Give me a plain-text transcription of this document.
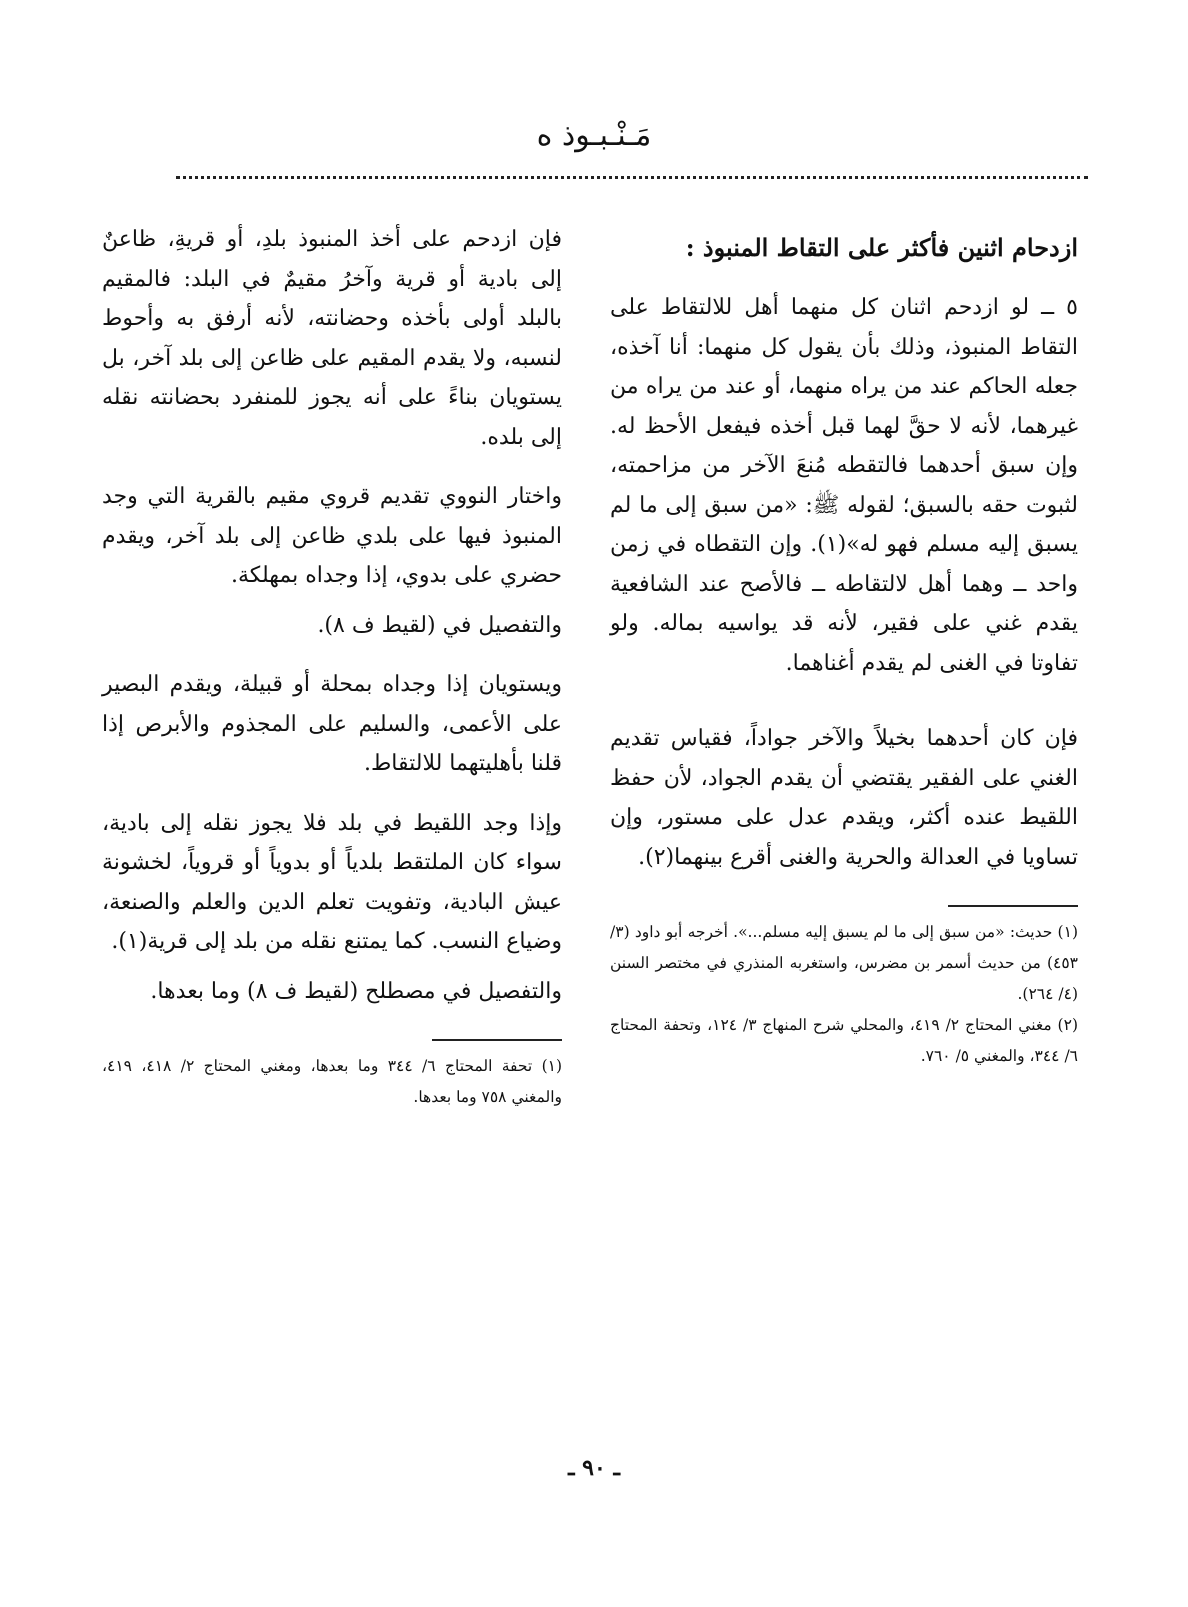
مَـنْـبـوذ ه

ازدحام اثنين فأكثر على التقاط المنبوذ :

٥ ــ لو ازدحم اثنان كل منهما أهل للالتقاط على التقاط المنبوذ، وذلك بأن يقول كل منهما: أنا آخذه، جعله الحاكم عند من يراه منهما، أو عند من يراه من غيرهما، لأنه لا حقَّ لهما قبل أخذه فيفعل الأحظ له. وإن سبق أحدهما فالتقطه مُنعَ الآخر من مزاحمته، لثبوت حقه بالسبق؛ لقوله ﷺ: «من سبق إلى ما لم يسبق إليه مسلم فهو له»(١). وإن التقطاه في زمن واحد ــ وهما أهل لالتقاطه ــ فالأصح عند الشافعية يقدم غني على فقير، لأنه قد يواسيه بماله. ولو تفاوتا في الغنى لم يقدم أغناهما.

فإن كان أحدهما بخيلاً والآخر جواداً، فقياس تقديم الغني على الفقير يقتضي أن يقدم الجواد، لأن حفظ اللقيط عنده أكثر، ويقدم عدل على مستور، وإن تساويا في العدالة والحرية والغنى أقرع بينهما(٢).

(١) حديث: «من سبق إلى ما لم يسبق إليه مسلم...». أخرجه أبو داود (٣/ ٤٥٣) من حديث أسمر بن مضرس، واستغربه المنذري في مختصر السنن (٤/ ٢٦٤).

(٢) مغني المحتاج ٢/ ٤١٩، والمحلي شرح المنهاج ٣/ ١٢٤، وتحفة المحتاج ٦/ ٣٤٤، والمغني ٥/ ٧٦٠.

فإن ازدحم على أخذ المنبوذ بلدِ، أو قريةِ، ظاعنٌ إلى بادية أو قرية وآخرُ مقيمٌ في البلد: فالمقيم بالبلد أولى بأخذه وحضانته، لأنه أرفق به وأحوط لنسبه، ولا يقدم المقيم على ظاعن إلى بلد آخر، بل يستويان بناءً على أنه يجوز للمنفرد بحضانته نقله إلى بلده.

واختار النووي تقديم قروي مقيم بالقرية التي وجد المنبوذ فيها على بلدي ظاعن إلى بلد آخر، ويقدم حضري على بدوي، إذا وجداه بمهلكة.

والتفصيل في (لقيط ف ٨).

ويستويان إذا وجداه بمحلة أو قبيلة، ويقدم البصير على الأعمى، والسليم على المجذوم والأبرص إذا قلنا بأهليتهما للالتقاط.

وإذا وجد اللقيط في بلد فلا يجوز نقله إلى بادية، سواء كان الملتقط بلدياً أو بدوياً أو قروياً، لخشونة عيش البادية، وتفويت تعلم الدين والعلم والصنعة، وضياع النسب. كما يمتنع نقله من بلد إلى قرية(١).

والتفصيل في مصطلح (لقيط ف ٨) وما بعدها.

(١) تحفة المحتاج ٦/ ٣٤٤ وما بعدها، ومغني المحتاج ٢/ ٤١٨، ٤١٩، والمغني ٧٥٨ وما بعدها.

ـ ٩٠ ـ
